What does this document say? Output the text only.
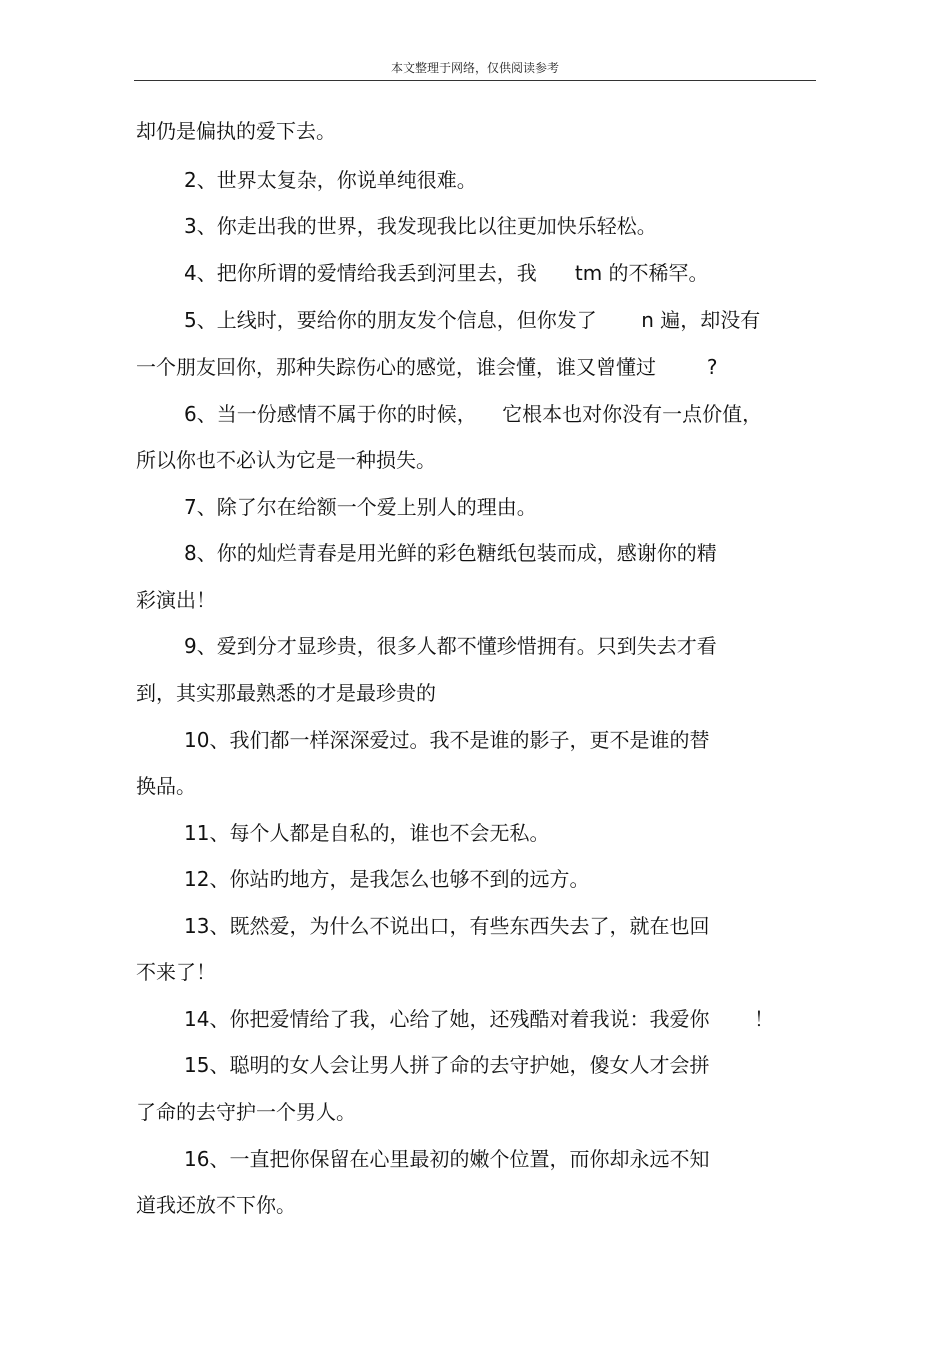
本文整理于网络，仅供阅读参考
却仍是偏执的爱下去。
2、世界太复杂，你说单纯很难。
3、你走出我的世界，我发现我比以往更加快乐轻松。
4、把你所谓的爱情给我丢到河里去，我      tm 的不稀罕。
5、上线时，要给你的朋友发个信息，但你发了       n 遍，却没有
一个朋友回你，那种失踪伤心的感觉，谁会懂，谁又曾懂过        ?
6、当一份感情不属于你的时候，    它根本也对你没有一点价值，
所以你也不必认为它是一种损失。
7、除了尔在给额一个爱上别人的理由。
8、你的灿烂青春是用光鲜的彩色糖纸包装而成，感谢你的精
彩演出！
9、爱到分才显珍贵，很多人都不懂珍惜拥有。只到失去才看
到，其实那最熟悉的才是最珍贵的
10、我们都一样深深爱过。我不是谁的影子，更不是谁的替
换品。
11、每个人都是自私的，谁也不会无私。
12、你站旳地方，是我怎么也够不到的远方。
13、既然爱，为什么不说出口，有些东西失去了，就在也回
不来了！
14、你把爱情给了我，心给了她，还残酷对着我说：我爱你       ！
15、聪明的女人会让男人拼了命的去守护她，傻女人才会拼
了命的去守护一个男人。
16、一直把你保留在心里最初的嫩个位置，而你却永远不知
道我还放不下你。
